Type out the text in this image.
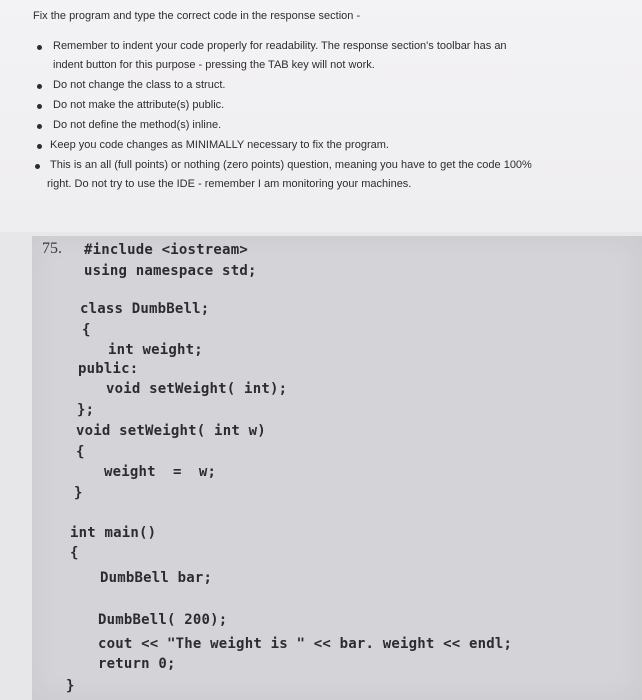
Fix the program and type the correct code in the response section -
Remember to indent your code properly for readability. The response section's toolbar has an
indent button for this purpose - pressing the TAB key will not work.
Do not change the class to a struct.
Do not make the attribute(s) public.
Do not define the method(s) inline.
Keep you code changes as MINIMALLY necessary to fix the program.
This is an all (full points) or nothing (zero points) question, meaning you have to get the code 100%
right. Do not try to use the IDE - remember I am monitoring your machines.
75. #include <iostream>
using namespace std;
class DumbBell;
{
int weight;
public:
void setWeight( int);
};
void setWeight( int w)
{
weight  =  w;
}
int main()
{
DumbBell bar;
DumbBell( 200);
cout << "The weight is " << bar. weight << endl;
return 0;
}
